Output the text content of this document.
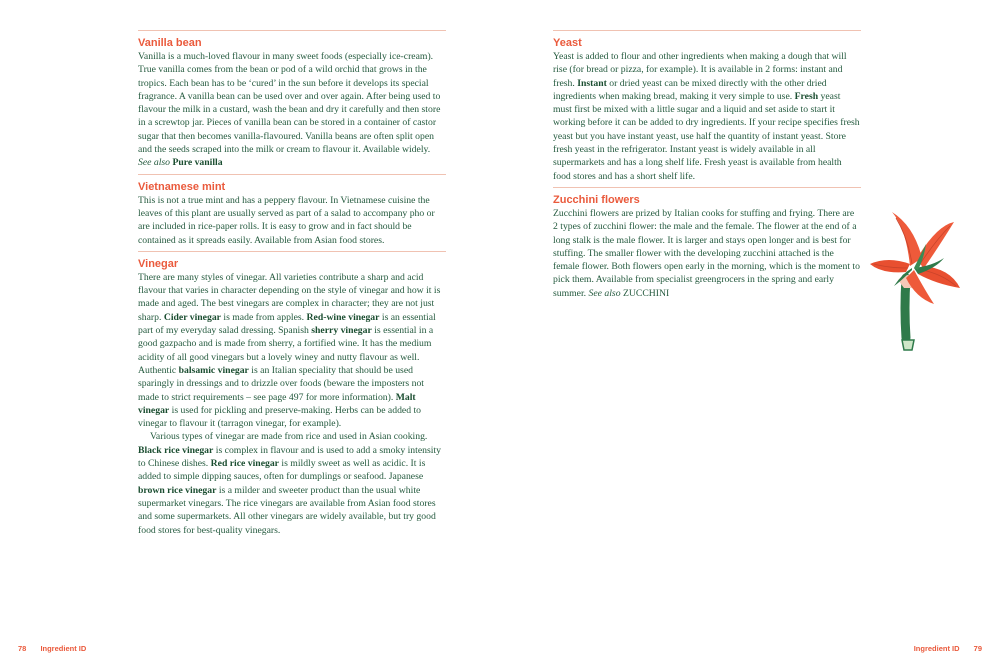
Vanilla bean

Vanilla is a much-loved flavour in many sweet foods (especially ice-cream). True vanilla comes from the bean or pod of a wild orchid that grows in the tropics. Each bean has to be ‘cured’ in the sun before it develops its special fragrance. A vanilla bean can be used over and over again. After being used to flavour the milk in a custard, wash the bean and dry it carefully and then store in a screwtop jar. Pieces of vanilla bean can be stored in a container of castor sugar that then becomes vanilla-flavoured. Vanilla beans are often split open and the seeds scraped into the milk or cream to flavour it. Available widely. See also Pure vanilla

Vietnamese mint

This is not a true mint and has a peppery flavour. In Vietnamese cuisine the leaves of this plant are usually served as part of a salad to accompany pho or are included in rice-paper rolls. It is easy to grow and in fact should be contained as it spreads easily. Available from Asian food stores.

Vinegar

There are many styles of vinegar. All varieties contribute a sharp and acid flavour that varies in character depending on the style of vinegar and how it is made and aged. The best vinegars are complex in character; they are not just sharp. Cider vinegar is made from apples. Red-wine vinegar is an essential part of my everyday salad dressing. Spanish sherry vinegar is essential in a good gazpacho and is made from sherry, a fortified wine. It has the medium acidity of all good vinegars but a lovely winey and nutty flavour as well. Authentic balsamic vinegar is an Italian speciality that should be used sparingly in dressings and to drizzle over foods (beware the imposters not made to strict requirements – see page 497 for more information). Malt vinegar is used for pickling and preserve-making. Herbs can be added to vinegar to flavour it (tarragon vinegar, for example).

Various types of vinegar are made from rice and used in Asian cooking. Black rice vinegar is complex in flavour and is used to add a smoky intensity to Chinese dishes. Red rice vinegar is mildly sweet as well as acidic. It is added to simple dipping sauces, often for dumplings or seafood. Japanese brown rice vinegar is a milder and sweeter product than the usual white supermarket vinegars. The rice vinegars are available from Asian food stores and some supermarkets. All other vinegars are widely available, but try good food stores for best-quality vinegars.

Yeast

Yeast is added to flour and other ingredients when making a dough that will rise (for bread or pizza, for example). It is available in 2 forms: instant and fresh. Instant or dried yeast can be mixed directly with the other dried ingredients when making bread, making it very simple to use. Fresh yeast must first be mixed with a little sugar and a liquid and set aside to start it working before it can be added to dry ingredients. If your recipe specifies fresh yeast but you have instant yeast, use half the quantity of instant yeast. Store fresh yeast in the refrigerator. Instant yeast is widely available in all supermarkets and has a long shelf life. Fresh yeast is available from health food stores and has a short shelf life.

Zucchini flowers

Zucchini flowers are prized by Italian cooks for stuffing and frying. There are 2 types of zucchini flower: the male and the female. The flower at the end of a long stalk is the male flower. It is larger and stays open longer and is best for stuffing. The smaller flower with the developing zucchini attached is the female flower. Both flowers open early in the morning, which is the moment to pick them. Available from specialist greengrocers in the spring and early summer. See also ZUCCHINI

78 Ingredient ID	Ingredient ID 79
